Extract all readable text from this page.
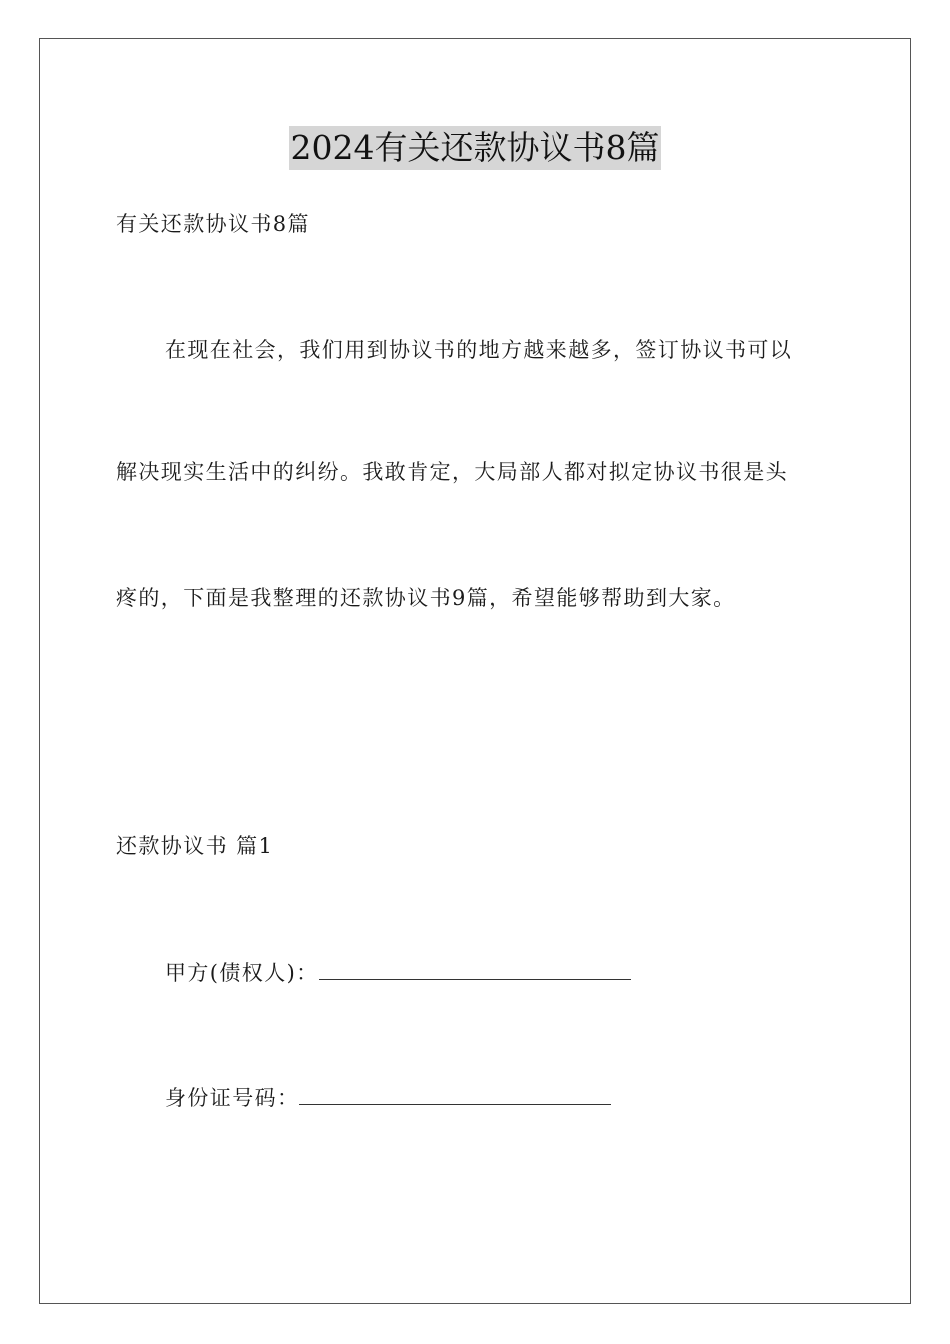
2024有关还款协议书8篇
有关还款协议书8篇
在现在社会，我们用到协议书的地方越来越多，签订协议书可以
解决现实生活中的纠纷。我敢肯定，大局部人都对拟定协议书很是头
疼的，下面是我整理的还款协议书9篇，希望能够帮助到大家。
还款协议书 篇1
甲方(债权人)：
身份证号码：
